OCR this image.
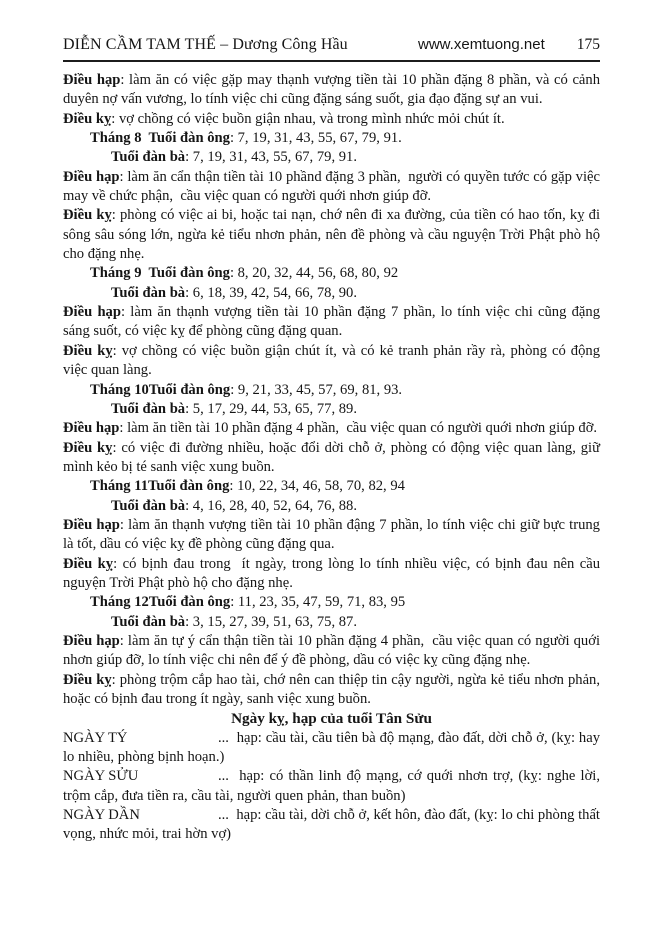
DIỄN CẦM TAM THẾ – Dương Công Hầu	www.xemtuong.net 175

Điều hạp: làm ăn có việc gặp may thạnh vượng tiền tài 10 phần đặng 8 phần, và có cảnh duyên nợ vấn vương, lo tính việc chi cũng đặng sáng suốt, gia đạo đặng sự an vui.

Điều kỵ: vợ chồng có việc buồn giận nhau, và trong mình nhức mỏi chút ít.

Tháng 8  Tuổi đàn ông: 7, 19, 31, 43, 55, 67, 79, 91.

Tuổi đàn bà: 7, 19, 31, 43, 55, 67, 79, 91.

Điều hạp: làm ăn cẩn thận tiền tài 10 phầnd đặng 3 phần,  người có quyền tước có gặp việc may về chức phận,  cầu việc quan có người quới nhơn giúp đỡ.

Điều kỵ: phòng có việc ai bi, hoặc tai nạn, chớ nên đi xa đường, của tiền có hao tốn, kỵ đi sông sâu sóng lớn, ngừa kẻ tiểu nhơn phản, nên đề phòng và cầu nguyện Trời Phật phò hộ cho đặng nhẹ.

Tháng 9  Tuổi đàn ông: 8, 20, 32, 44, 56, 68, 80, 92

Tuổi đàn bà: 6, 18, 39, 42, 54, 66, 78, 90.

Điều hạp: làm ăn thạnh vượng tiền tài 10 phần đặng 7 phần, lo tính việc chi cũng đặng sáng suốt, có việc kỵ để phòng cũng đặng quan.

Điều kỵ: vợ chồng có việc buồn giận chút ít, và có kẻ tranh phản rầy rà, phòng có động việc quan làng.

Tháng 10Tuổi đàn ông: 9, 21, 33, 45, 57, 69, 81, 93.

Tuổi đàn bà: 5, 17, 29, 44, 53, 65, 77, 89.

Điều hạp: làm ăn tiền tài 10 phần đặng 4 phần,  cầu việc quan có người quới nhơn giúp đỡ.

Điều kỵ: có việc đi đường nhiều, hoặc đổi dời chỗ ở, phòng có động việc quan làng, giữ mình kẻo bị té sanh việc xung buồn.

Tháng 11Tuổi đàn ông: 10, 22, 34, 46, 58, 70, 82, 94

Tuổi đàn bà: 4, 16, 28, 40, 52, 64, 76, 88.

Điều hạp: làm ăn thạnh vượng tiền tài 10 phần đậng 7 phần, lo tính việc chi giữ bực trung là tốt, dầu có việc kỵ đề phòng cũng đặng qua.

Điều kỵ: có bịnh đau trong  ít ngày, trong lòng lo tính nhiều việc, có bịnh đau nên cầu nguyện Trời Phật phò hộ cho đặng nhẹ.

Tháng 12Tuổi đàn ông: 11, 23, 35, 47, 59, 71, 83, 95

Tuổi đàn bà: 3, 15, 27, 39, 51, 63, 75, 87.

Điều hạp: làm ăn tự ý cẩn thận tiền tài 10 phần đặng 4 phần,  cầu việc quan có người quới nhơn giúp đỡ, lo tính việc chi nên để ý đề phòng, dầu có việc kỵ cũng đặng nhẹ.

Điều kỵ: phòng trộm cắp hao tài, chớ nên can thiệp tin cậy người, ngừa kẻ tiểu nhơn phản, hoặc có bịnh đau trong ít ngày, sanh việc xung buồn.

Ngày kỵ, hạp của tuổi Tân Sửu

NGÀY TÝ	...  hạp: cầu tài, cầu tiên bà độ mạng, đào đất, dời chỗ ở, (kỵ: hay lo nhiều, phòng bịnh hoạn.)

NGÀY SỬU	...  hạp: có thần linh độ mạng, cớ quới nhơn trợ, (kỵ: nghe lời, trộm cắp, đưa tiền ra, cầu tài, người quen phản, than buồn)

NGÀY DẦN	...  hạp: cầu tài, dời chỗ ở, kết hôn, đào đất, (kỵ: lo chi phòng thất vọng, nhức mỏi, trai hờn vợ)
